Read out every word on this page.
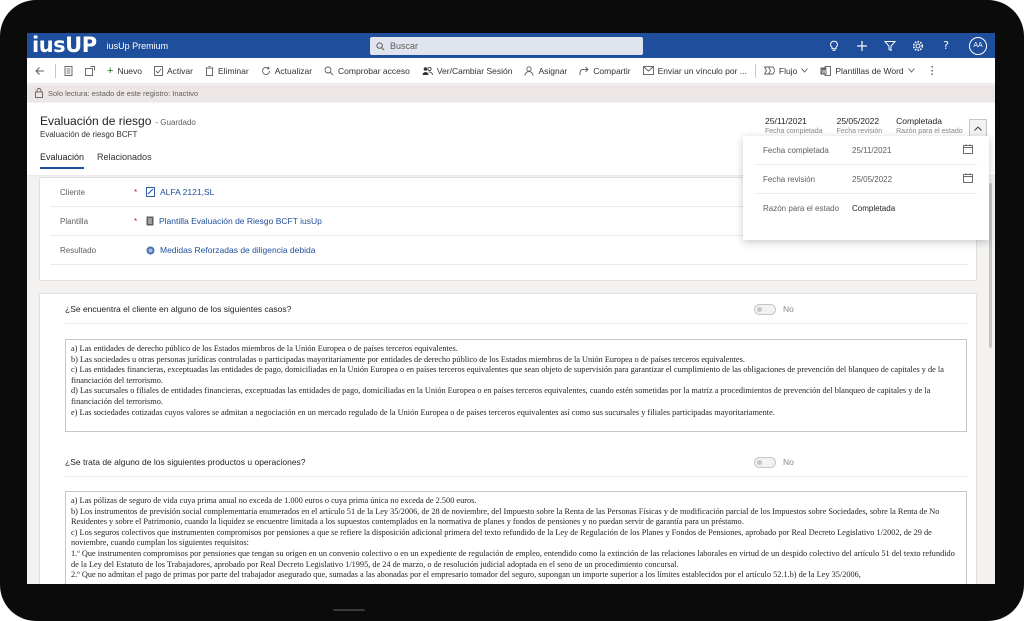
iusUP iusUp Premium	Buscar	?	AA
+ Nuevo	Activar	Eliminar	Actualizar	Comprobar acceso	Ver/Cambiar Sesión	Asignar	Compartir	Enviar un vínculo por ...	Flujo	W Plantillas de Word	⋮
Solo lectura: estado de este registro: Inactivo
Evaluación de riesgo - Guardado
Evaluación de riesgo BCFT
25/11/2021
Fecha completada
25/05/2022
Fecha revisión
Completada
Razón para el estado
Evaluación Relacionados
Fecha completada	25/11/2021
Fecha revisión	25/05/2022
Razón para el estado	Completada
Cliente	*	ALFA 2121,SL
Plantilla	*	Plantilla Evaluación de Riesgo BCFT iusUp
Resultado	Medidas Reforzadas de diligencia debida
¿Se encuentra el cliente en alguno de los siguientes casos?	No

a) Las entidades de derecho público de los Estados miembros de la Unión Europea o de países terceros equivalentes.

b) Las sociedades u otras personas jurídicas controladas o participadas mayoritariamente por entidades de derecho público de los Estados miembros de la Unión Europea o de países terceros equivalentes.

c) Las entidades financieras, exceptuadas las entidades de pago, domiciliadas en la Unión Europea o en países terceros equivalentes que sean objeto de supervisión para garantizar el cumplimiento de las obligaciones de prevención del blanqueo de capitales y de la financiación del terrorismo.

d) Las sucursales o filiales de entidades financieras, exceptuadas las entidades de pago, domiciliadas en la Unión Europea o en países terceros equivalentes, cuando estén sometidas por la matriz a procedimientos de prevención del blanqueo de capitales y de la financiación del terrorismo.

e) Las sociedades cotizadas cuyos valores se admitan a negociación en un mercado regulado de la Unión Europea o de países terceros equivalentes así como sus sucursales y filiales participadas mayoritariamente.

¿Se trata de alguno de los siguientes productos u operaciones?	No

a) Las pólizas de seguro de vida cuya prima anual no exceda de 1.000 euros o cuya prima única no exceda de 2.500 euros.

b) Los instrumentos de previsión social complementaria enumerados en el artículo 51 de la Ley 35/2006, de 28 de noviembre, del Impuesto sobre la Renta de las Personas Físicas y de modificación parcial de los Impuestos sobre Sociedades, sobre la Renta de No Residentes y sobre el Patrimonio, cuando la liquidez se encuentre limitada a los supuestos contemplados en la normativa de planes y fondos de pensiones y no puedan servir de garantía para un préstamo.

c) Los seguros colectivos que instrumenten compromisos por pensiones a que se refiere la disposición adicional primera del texto refundido de la Ley de Regulación de los Planes y Fondos de Pensiones, aprobado por Real Decreto Legislativo 1/2002, de 29 de noviembre, cuando cumplan los siguientes requisitos:

1.º Que instrumenten compromisos por pensiones que tengan su origen en un convenio colectivo o en un expediente de regulación de empleo, entendido como la extinción de las relaciones laborales en virtud de un despido colectivo del artículo 51 del texto refundido de la Ley del Estatuto de los Trabajadores, aprobado por Real Decreto Legislativo 1/1995, de 24 de marzo, o de resolución judicial adoptada en el seno de un procedimiento concursal.

2.º Que no admitan el pago de primas por parte del trabajador asegurado que, sumadas a las abonadas por el empresario tomador del seguro, supongan un importe superior a los límites establecidos por el artículo 52.1.b) de la Ley 35/2006,
